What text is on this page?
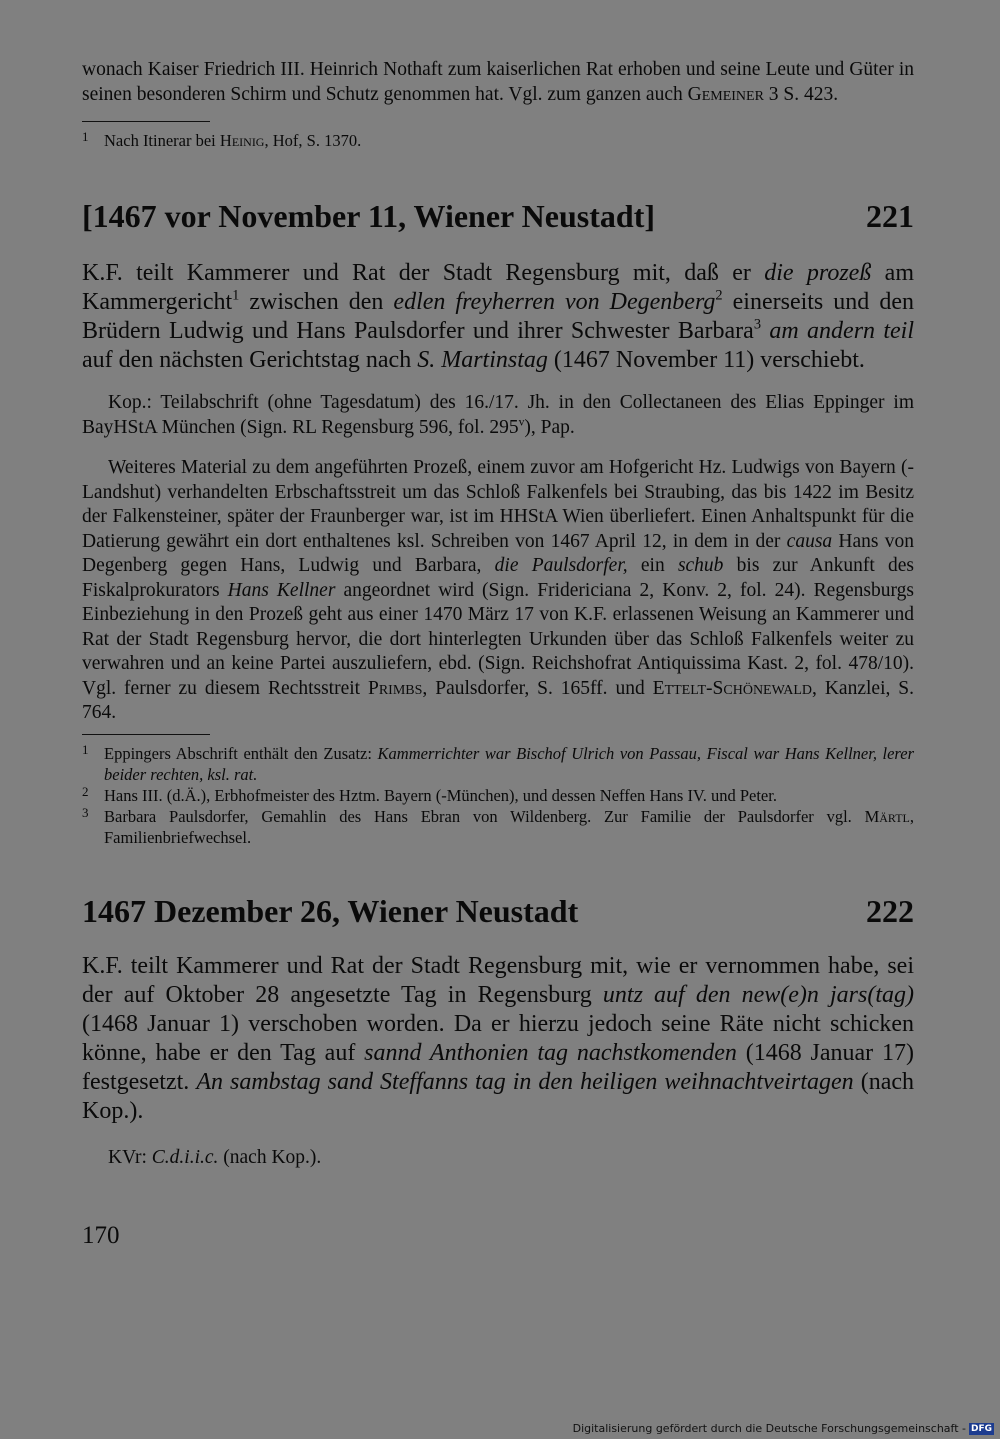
wonach Kaiser Friedrich III. Heinrich Nothaft zum kaiserlichen Rat erhoben und seine Leute und Güter in seinen besonderen Schirm und Schutz genommen hat. Vgl. zum ganzen auch Gemeiner 3 S. 423.

1 Nach Itinerar bei Heinig, Hof, S. 1370.
[1467 vor November 11, Wiener Neustadt]	221

K.F. teilt Kammerer und Rat der Stadt Regensburg mit, daß er die prozeß am Kammergericht$^1$ zwischen den edlen freyherren von Degenberg$^2$ einerseits und den Brüdern Ludwig und Hans Paulsdorfer und ihrer Schwester Barbara$^3$ am andern teil auf den nächsten Gerichtstag nach S. Martinstag (1467 November 11) verschiebt.

Kop.: Teilabschrift (ohne Tagesdatum) des 16./17. Jh. in den Collectaneen des Elias Eppinger im BayHStA München (Sign. RL Regensburg 596, fol. 295$^v$), Pap.

Weiteres Material zu dem angeführten Prozeß, einem zuvor am Hofgericht Hz. Ludwigs von Bayern (-Landshut) verhandelten Erbschaftsstreit um das Schloß Falkenfels bei Straubing, das bis 1422 im Besitz der Falkensteiner, später der Fraunberger war, ist im HHStA Wien überliefert. Einen Anhaltspunkt für die Datierung gewährt ein dort enthaltenes ksl. Schreiben von 1467 April 12, in dem in der causa Hans von Degenberg gegen Hans, Ludwig und Barbara, die Paulsdorfer, ein schub bis zur Ankunft des Fiskalprokurators Hans Kellner angeordnet wird (Sign. Fridericiana 2, Konv. 2, fol. 24). Regensburgs Einbeziehung in den Prozeß geht aus einer 1470 März 17 von K.F. erlassenen Weisung an Kammerer und Rat der Stadt Regensburg hervor, die dort hinterlegten Urkunden über das Schloß Falkenfels weiter zu verwahren und an keine Partei auszuliefern, ebd. (Sign. Reichshofrat Antiquissima Kast. 2, fol. 478/10). Vgl. ferner zu diesem Rechtsstreit Primbs, Paulsdorfer, S. 165ff. und Ettelt-Schönewald, Kanzlei, S. 764.

1 Eppingers Abschrift enthält den Zusatz: Kammerrichter war Bischof Ulrich von Passau, Fiscal war Hans Kellner, lerer beider rechten, ksl. rat.
2 Hans III. (d.Ä.), Erbhofmeister des Hztm. Bayern (-München), und dessen Neffen Hans IV. und Peter.
3 Barbara Paulsdorfer, Gemahlin des Hans Ebran von Wildenberg. Zur Familie der Paulsdorfer vgl. Märtl, Familienbriefwechsel.
1467 Dezember 26, Wiener Neustadt	222

K.F. teilt Kammerer und Rat der Stadt Regensburg mit, wie er vernommen habe, sei der auf Oktober 28 angesetzte Tag in Regensburg untz auf den new(e)n jars(tag) (1468 Januar 1) verschoben worden. Da er hierzu jedoch seine Räte nicht schicken könne, habe er den Tag auf sannd Anthonien tag nachstkomenden (1468 Januar 17) festgesetzt. An sambstag sand Steffanns tag in den heiligen weihnachtveirtagen (nach Kop.).

KVr: C.d.i.i.c. (nach Kop.).

170
Digitalisierung gefördert durch die Deutsche Forschungsgemeinschaft - DFG
